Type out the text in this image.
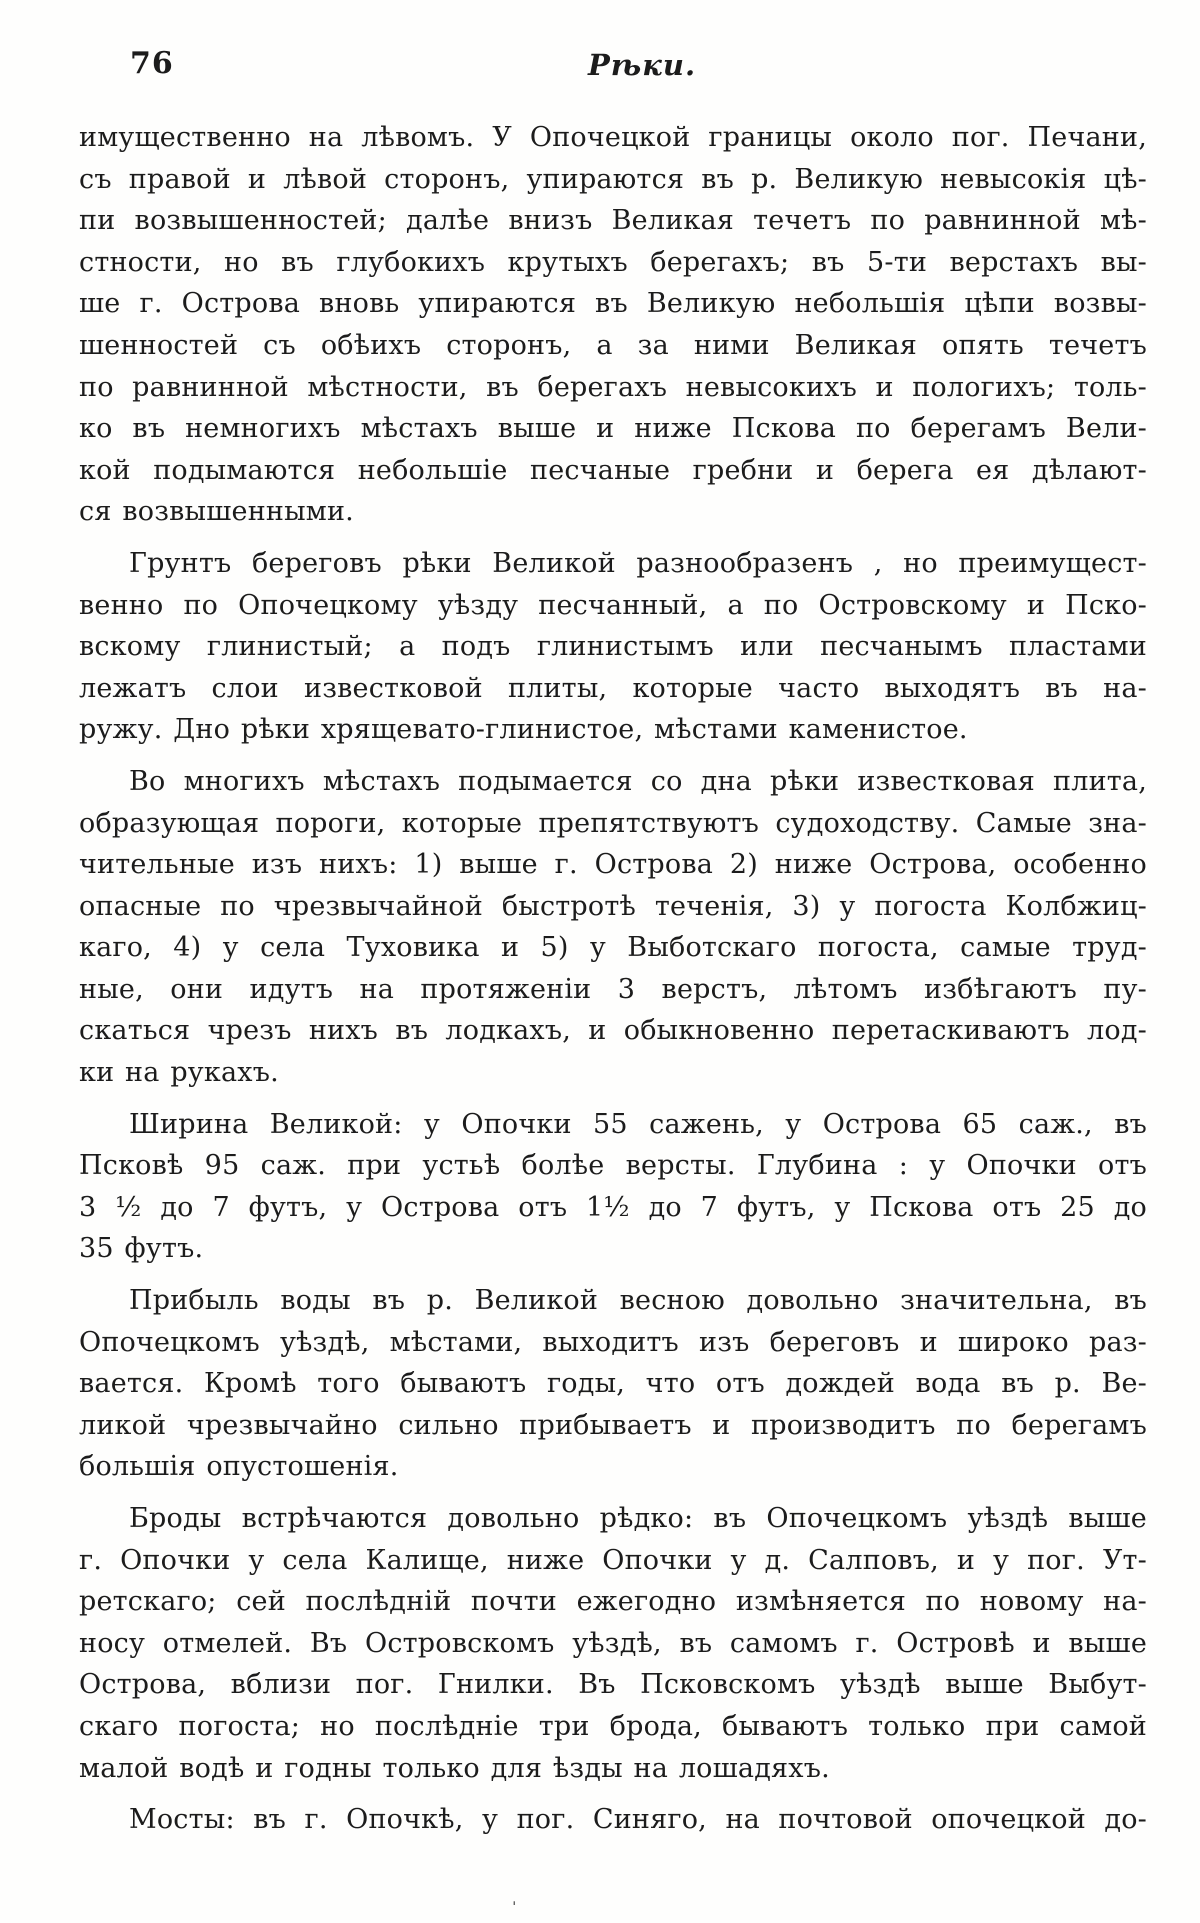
76	Рѣки.
имущественно на лѣвомъ. У Опочецкой границы около пог. Печани,
съ правой и лѣвой сторонъ, упираются въ р. Великую невысокія цѣ-
пи возвышенностей; далѣе внизъ Великая течетъ по равнинной мѣ-
стности, но въ глубокихъ крутыхъ берегахъ; въ 5-ти верстахъ вы-
ше г. Острова вновь упираются въ Великую небольшія цѣпи возвы-
шенностей съ обѣихъ сторонъ, а за ними Великая опять течетъ
по равнинной мѣстности, въ берегахъ невысокихъ и пологихъ; толь-
ко въ немногихъ мѣстахъ выше и ниже Пскова по берегамъ Вели-
кой подымаются небольшіе песчаные гребни и берега ея дѣлают-
ся возвышенными.
Грунтъ береговъ рѣки Великой разнообразенъ , но преимущест-
венно по Опочецкому уѣзду песчанный, а по Островскому и Пско-
вскому глинистый; а подъ глинистымъ или песчанымъ пластами
лежатъ слои известковой плиты, которые часто выходятъ въ на-
ружу. Дно рѣки хрящевато-глинистое, мѣстами каменистое.
Во многихъ мѣстахъ подымается со дна рѣки известковая плита,
образующая пороги, которые препятствуютъ судоходству. Самые зна-
чительные изъ нихъ: 1) выше г. Острова 2) ниже Острова, особенно
опасные по чрезвычайной быстротѣ теченія, 3) у погоста Колбжиц-
каго, 4) у села Туховика и 5) у Выботскаго погоста, самые труд-
ные, они идутъ на протяженіи 3 верстъ, лѣтомъ избѣгаютъ пу-
скаться чрезъ нихъ въ лодкахъ, и обыкновенно перетаскиваютъ лод-
ки на рукахъ.
Ширина Великой: у Опочки 55 сажень, у Острова 65 саж., въ
Псковѣ 95 саж. при устьѣ болѣе версты. Глубина : у Опочки отъ
3 ½ до 7 футъ, у Острова отъ 1½ до 7 футъ, у Пскова отъ 25 до
35 футъ.
Прибыль воды въ р. Великой весною довольно значительна, въ
Опочецкомъ уѣздѣ, мѣстами, выходитъ изъ береговъ и широко раз-
вается. Кромѣ того бываютъ годы, что отъ дождей вода въ р. Ве-
ликой чрезвычайно сильно прибываетъ и производитъ по берегамъ
большія опустошенія.
Броды встрѣчаются довольно рѣдко: въ Опочецкомъ уѣздѣ выше
г. Опочки у села Калище, ниже Опочки у д. Салповъ, и у пог. Ут-
ретскаго; сей послѣдній почти ежегодно измѣняется по новому на-
носу отмелей. Въ Островскомъ уѣздѣ, въ самомъ г. Островѣ и выше
Острова, вблизи пог. Гнилки. Въ Псковскомъ уѣздѣ выше Выбут-
скаго погоста; но послѣдніе три брода, бываютъ только при самой
малой водѣ и годны только для ѣзды на лошадяхъ.
Мосты: въ г. Опочкѣ, у пог. Синяго, на почтовой опочецкой до-
ˌ
